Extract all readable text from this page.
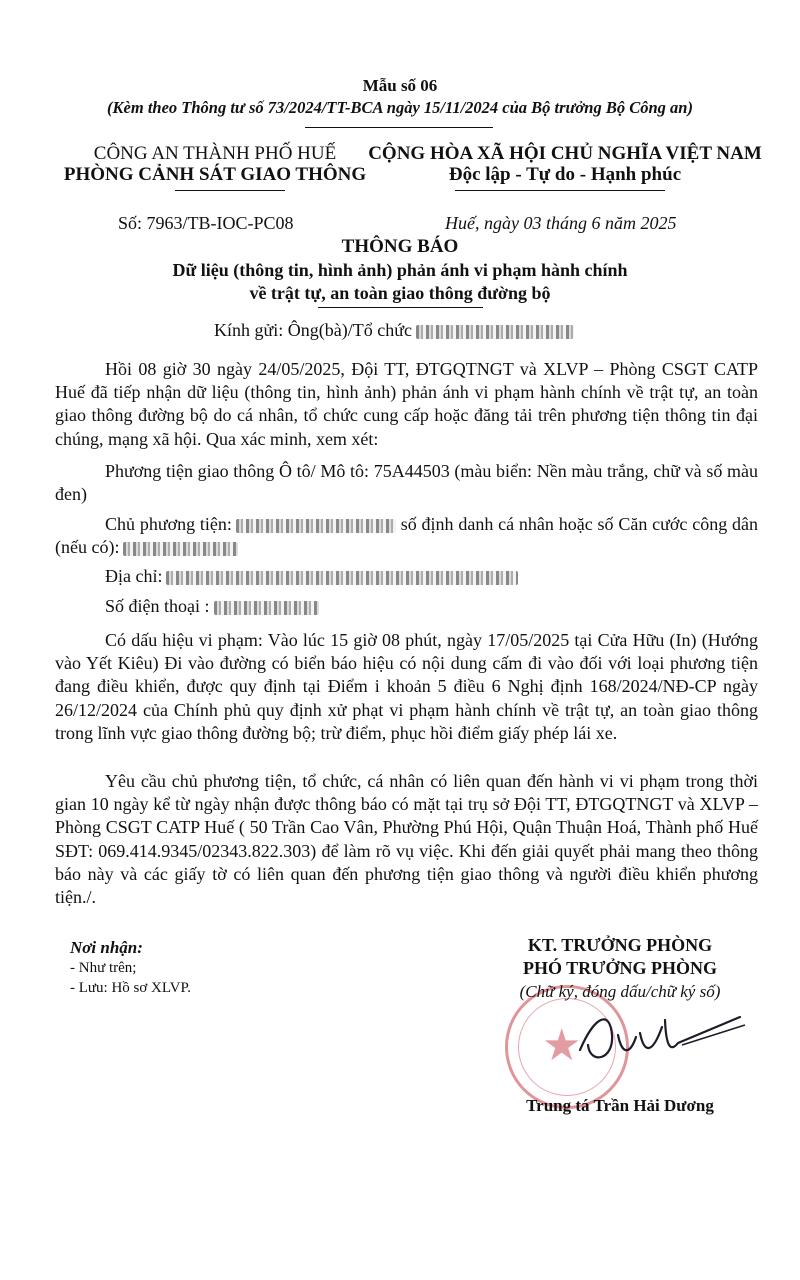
Mẫu số 06
(Kèm theo Thông tư số 73/2024/TT-BCA ngày 15/11/2024 của Bộ trưởng Bộ Công an)
CÔNG AN THÀNH PHỐ HUẾ
PHÒNG CẢNH SÁT GIAO THÔNG
CỘNG HÒA XÃ HỘI CHỦ NGHĨA VIỆT NAM
Độc lập - Tự do - Hạnh phúc
Số: 7963/TB-IOC-PC08	Huế, ngày 03 tháng 6 năm 2025
THÔNG BÁO
Dữ liệu (thông tin, hình ảnh) phản ánh vi phạm hành chính
về trật tự, an toàn giao thông đường bộ
Kính gửi: Ông(bà)/Tổ chức
Hồi 08 giờ 30 ngày 24/05/2025, Đội TT, ĐTGQTNGT và XLVP – Phòng CSGT CATP Huế đã tiếp nhận dữ liệu (thông tin, hình ảnh) phản ánh vi phạm hành chính về trật tự, an toàn giao thông đường bộ do cá nhân, tổ chức cung cấp hoặc đăng tải trên phương tiện thông tin đại chúng, mạng xã hội. Qua xác minh, xem xét:
Phương tiện giao thông Ô tô/ Mô tô: 75A44503 (màu biển: Nền màu trắng, chữ và số màu đen)
Chủ phương tiện:	số định danh cá nhân hoặc số Căn cước công dân (nếu có):
Địa chỉ:
Số điện thoại :
Có dấu hiệu vi phạm: Vào lúc 15 giờ 08 phút, ngày 17/05/2025 tại Cửa Hữu (In) (Hướng vào Yết Kiêu) Đi vào đường có biển báo hiệu có nội dung cấm đi vào đối với loại phương tiện đang điều khiển, được quy định tại Điểm i khoản 5 điều 6 Nghị định 168/2024/NĐ-CP ngày 26/12/2024 của Chính phủ quy định xử phạt vi phạm hành chính về trật tự, an toàn giao thông trong lĩnh vực giao thông đường bộ; trừ điểm, phục hồi điểm giấy phép lái xe.
Yêu cầu chủ phương tiện, tổ chức, cá nhân có liên quan đến hành vi vi phạm trong thời gian 10 ngày kể từ ngày nhận được thông báo có mặt tại trụ sở Đội TT, ĐTGQTNGT và XLVP – Phòng CSGT CATP Huế ( 50 Trần Cao Vân, Phường Phú Hội, Quận Thuận Hoá, Thành phố Huế SĐT: 069.414.9345/02343.822.303) để làm rõ vụ việc. Khi đến giải quyết phải mang theo thông báo này và các giấy tờ có liên quan đến phương tiện giao thông và người điều khiển phương tiện./.
Nơi nhận:
- Như trên;
- Lưu: Hồ sơ XLVP.
★
KT. TRƯỞNG PHÒNG
PHÓ TRƯỞNG PHÒNG
(Chữ ký, đóng dấu/chữ ký số)
Trung tá Trần Hải Dương
